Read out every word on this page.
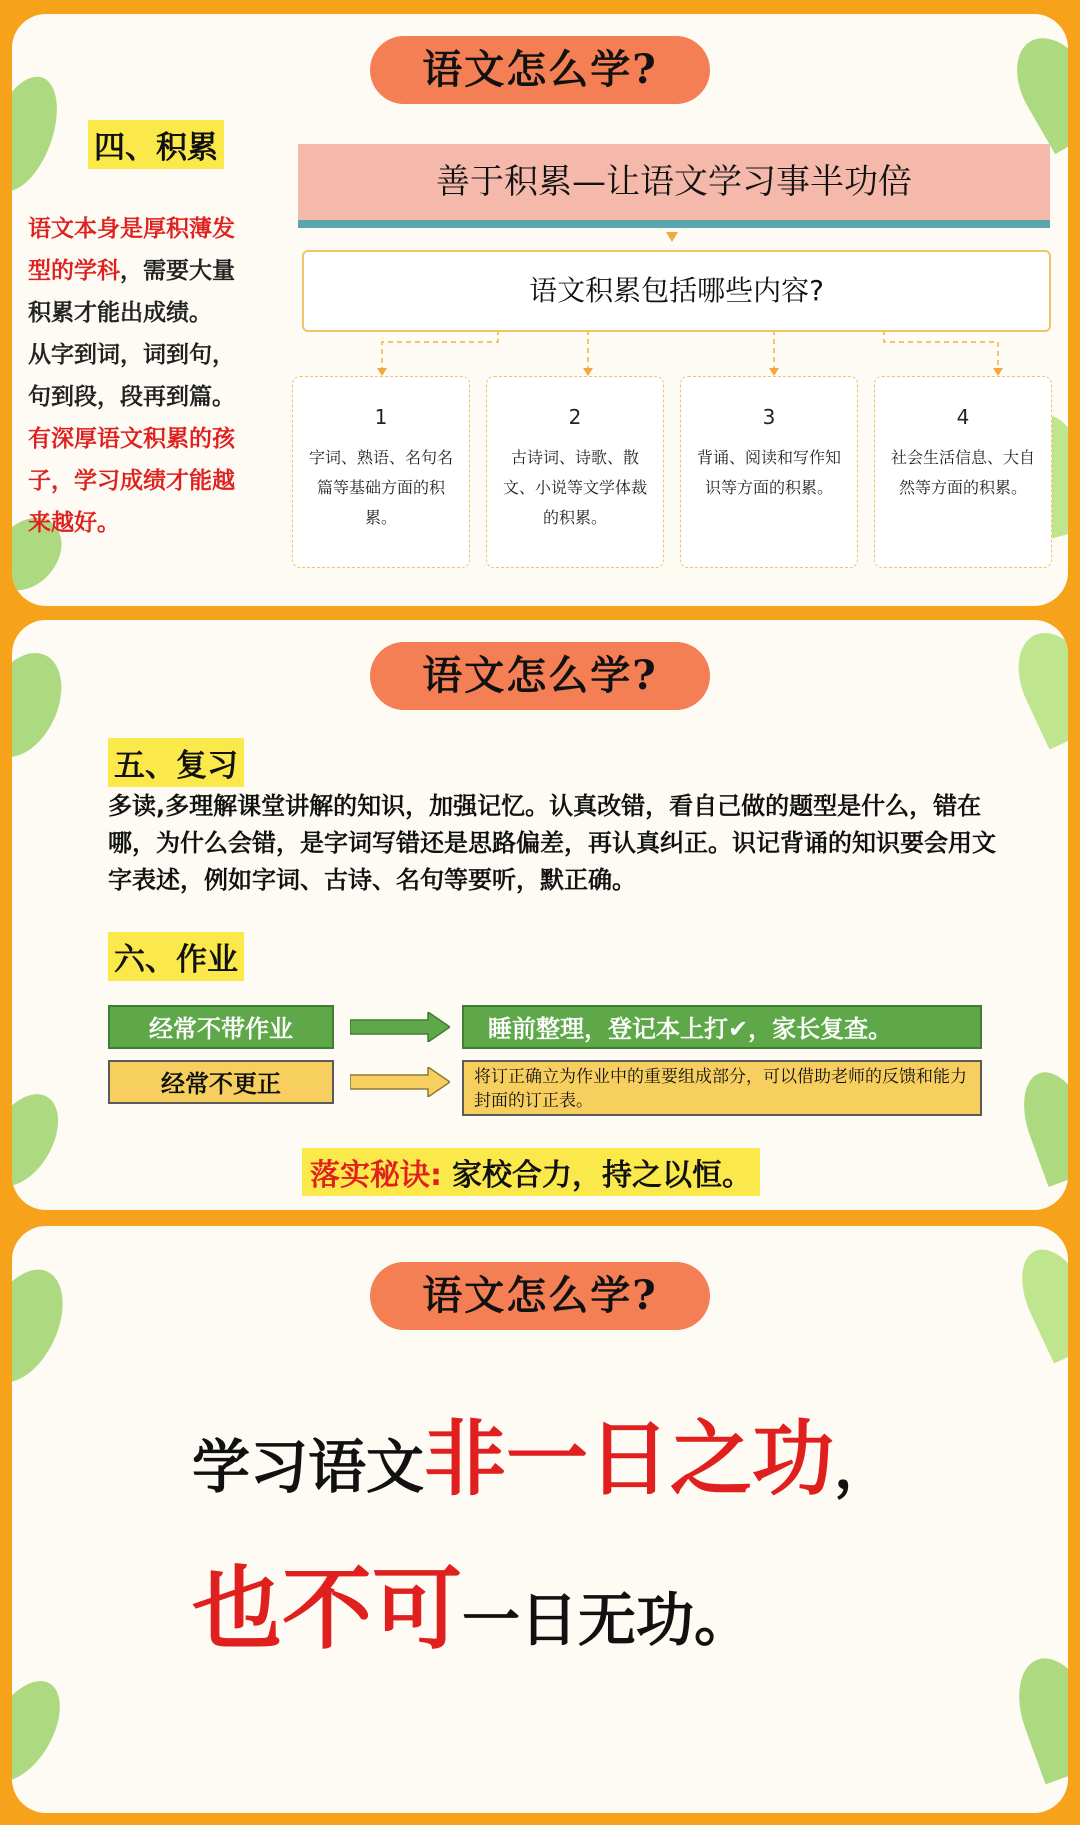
语文怎么学?
四、积累
语文本身是厚积薄发
型的学科，需要大量
积累才能出成绩。
从字到词，词到句，
句到段，段再到篇。
有深厚语文积累的孩
子，学习成绩才能越
来越好。
善于积累—让语文学习事半功倍
语文积累包括哪些内容?
1
字词、熟语、名句名篇等基础方面的积累。
2
古诗词、诗歌、散文、小说等文学体裁的积累。
3
背诵、阅读和写作知识等方面的积累。
4
社会生活信息、大自然等方面的积累。
语文怎么学?
五、复习
多读,多理解课堂讲解的知识，加强记忆。认真改错，看自己做的题型是什么，错在哪，为什么会错，是字词写错还是思路偏差，再认真纠正。识记背诵的知识要会用文字表述，例如字词、古诗、名句等要听，默正确。
六、作业
经常不带作业	睡前整理，登记本上打✔，家长复查。
经常不更正	将订正确立为作业中的重要组成部分，可以借助老师的反馈和能力封面的订正表。
落实秘诀: 家校合力，持之以恒。
语文怎么学?
学习语文非一日之功，
也不可一日无功。
